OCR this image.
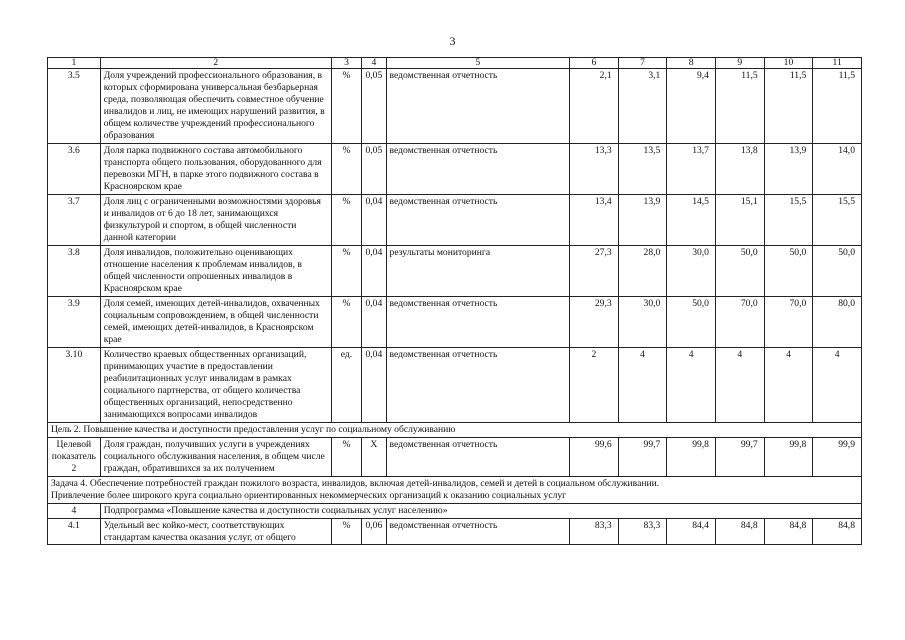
3
1	2	3	4	5	6	7	8	9	10	11
3.5	Доля учреждений профессионального образования, в которых сформирована универсальная безбарьерная среда, позволяющая обеспечить совместное обучение инвалидов и лиц, не имеющих нарушений развития, в общем количестве учреждений профессионального образования	%	0,05	ведомственная отчетность	2,1	3,1	9,4	11,5	11,5	11,5
3.6	Доля парка подвижного состава автомобильного транспорта общего пользования, оборудованного для перевозки МГН, в парке этого подвижного состава в Красноярском крае	%	0,05	ведомственная отчетность	13,3	13,5	13,7	13,8	13,9	14,0
3.7	Доля лиц с ограниченными возможностями здоровья и инвалидов от 6 до 18 лет, занимающихся физкультурой и спортом, в общей численности данной категории	%	0,04	ведомственная отчетность	13,4	13,9	14,5	15,1	15,5	15,5
3.8	Доля инвалидов, положительно оценивающих отношение населения к проблемам инвалидов, в общей численности опрошенных инвалидов в Красноярском крае	%	0,04	результаты мониторинга	27,3	28,0	30,0	50,0	50,0	50,0
3.9	Доля семей, имеющих детей-инвалидов, охваченных социальным сопровождением, в общей численности семей, имеющих детей-инвалидов, в Красноярском крае	%	0,04	ведомственная отчетность	29,3	30,0	50,0	70,0	70,0	80,0
3.10	Количество краевых общественных организаций, принимающих участие в предоставлении реабилитационных услуг инвалидам в рамках социального партнерства, от общего количества общественных организаций, непосредственно занимающихся вопросами инвалидов	ед.	0,04	ведомственная отчетность	2	4	4	4	4	4
Цель 2. Повышение качества и доступности предоставления услуг по социальному обслуживанию										
Целевой показатель 2	Доля граждан, получивших услуги в учреждениях социального обслуживания населения, в общем числе граждан, обратившихся за их получением	%	X	ведомственная отчетность	99,6	99,7	99,8	99,7	99,8	99,9
Задача 4. Обеспечение потребностей граждан пожилого возраста, инвалидов, включая детей-инвалидов, семей и детей в социальном обслуживании.
Привлечение более широкого круга социально ориентированных некоммерческих организаций к оказанию социальных услуг										
4	Подпрограмма «Повышение качества и доступности социальных услуг населению»									
4.1	Удельный вес койко-мест, соответствующих стандартам качества оказания услуг, от общего	%	0,06	ведомственная отчетность	83,3	83,3	84,4	84,8	84,8	84,8
